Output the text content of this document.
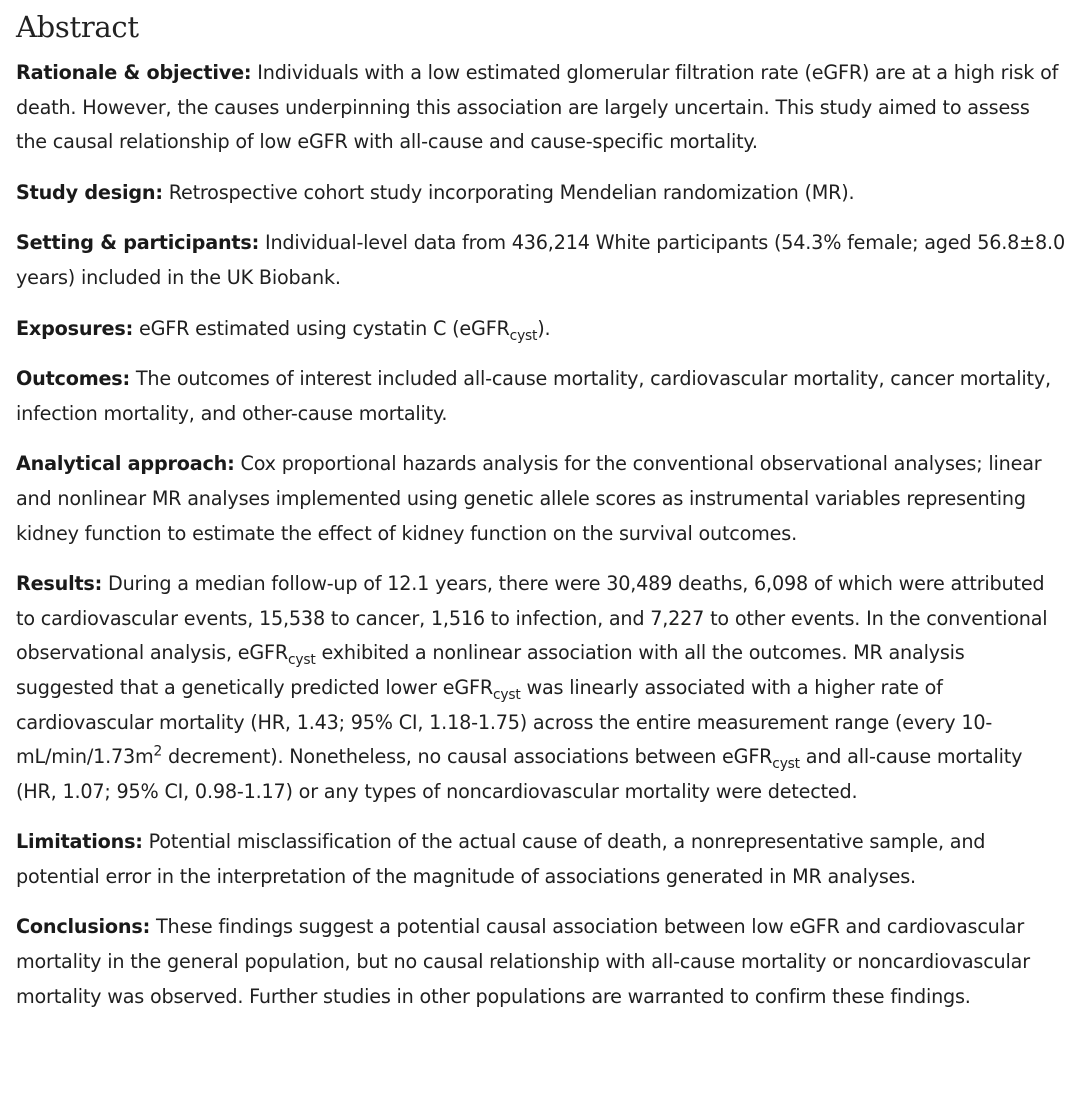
Abstract

Rationale & objective: Individuals with a low estimated glomerular filtration rate (eGFR) are at a high risk of death. However, the causes underpinning this association are largely uncertain. This study aimed to assess the causal relationship of low eGFR with all-cause and cause-specific mortality.

Study design: Retrospective cohort study incorporating Mendelian randomization (MR).

Setting & participants: Individual-level data from 436,214 White participants (54.3% female; aged 56.8±8.0 years) included in the UK Biobank.

Exposures: eGFR estimated using cystatin C (eGFR$_{cyst}$).

Outcomes: The outcomes of interest included all-cause mortality, cardiovascular mortality, cancer mortality, infection mortality, and other-cause mortality.

Analytical approach: Cox proportional hazards analysis for the conventional observational analyses; linear and nonlinear MR analyses implemented using genetic allele scores as instrumental variables representing kidney function to estimate the effect of kidney function on the survival outcomes.

Results: During a median follow-up of 12.1 years, there were 30,489 deaths, 6,098 of which were attributed to cardiovascular events, 15,538 to cancer, 1,516 to infection, and 7,227 to other events. In the conventional observational analysis, eGFR$_{cyst}$ exhibited a nonlinear association with all the outcomes. MR analysis suggested that a genetically predicted lower eGFR$_{cyst}$ was linearly associated with a higher rate of cardiovascular mortality (HR, 1.43; 95% CI, 1.18-1.75) across the entire measurement range (every $10-mL/\min/1.73m^2$ decrement). Nonetheless, no causal associations between eGFR$_{cyst}$ and all-cause mortality (HR, 1.07; 95% CI, 0.98-1.17) or any types of noncardiovascular mortality were detected.

Limitations: Potential misclassification of the actual cause of death, a nonrepresentative sample, and potential error in the interpretation of the magnitude of associations generated in MR analyses.

Conclusions: These findings suggest a potential causal association between low eGFR and cardiovascular mortality in the general population, but no causal relationship with all-cause mortality or noncardiovascular mortality was observed. Further studies in other populations are warranted to confirm these findings.
